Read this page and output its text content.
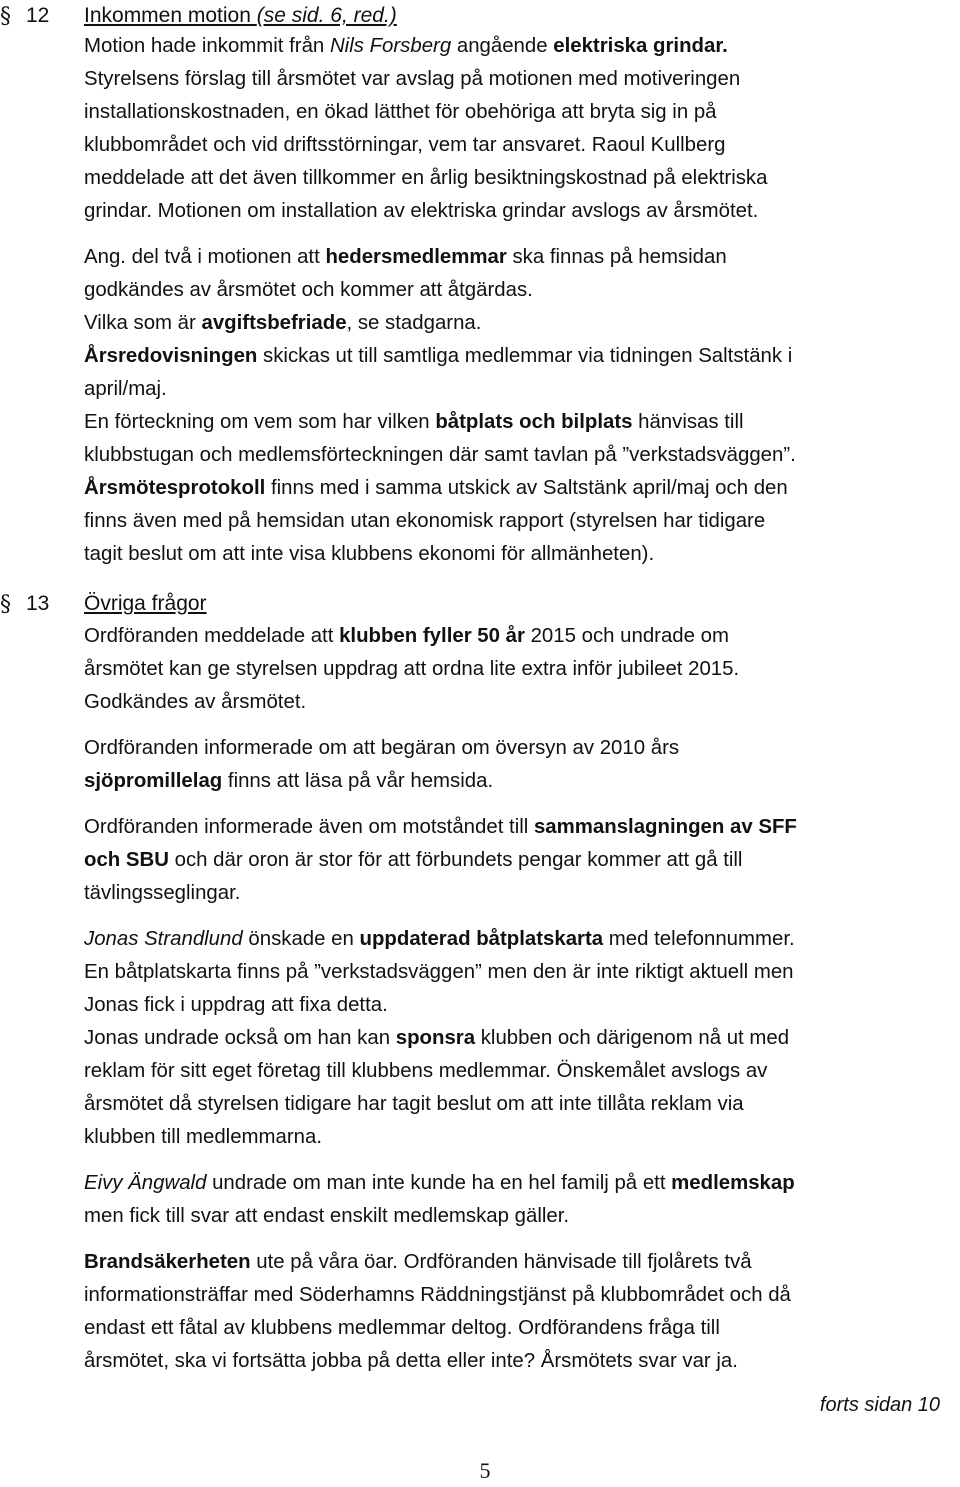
§ 12	Inkommen motion (se sid. 6, red.)
Motion hade inkommit från Nils Forsberg angående elektriska grindar.
Styrelsens förslag till årsmötet var avslag på motionen med motiveringen
installationskostnaden, en ökad lätthet för obehöriga att bryta sig in på
klubbområdet och vid driftsstörningar, vem tar ansvaret. Raoul Kullberg
meddelade att det även tillkommer en årlig besiktningskostnad på elektriska
grindar. Motionen om installation av elektriska grindar avslogs av årsmötet.
Ang. del två i motionen att hedersmedlemmar ska finnas på hemsidan
godkändes av årsmötet och kommer att åtgärdas.
Vilka som är avgiftsbefriade, se stadgarna.
Årsredovisningen skickas ut till samtliga medlemmar via tidningen Saltstänk i
april/maj.
En förteckning om vem som har vilken båtplats och bilplats hänvisas till
klubbstugan och medlemsförteckningen där samt tavlan på ”verkstadsväggen”.
Årsmötesprotokoll finns med i samma utskick av Saltstänk april/maj och den
finns även med på hemsidan utan ekonomisk rapport (styrelsen har tidigare
tagit beslut om att inte visa klubbens ekonomi för allmänheten).
§ 13	Övriga frågor
Ordföranden meddelade att klubben fyller 50 år 2015 och undrade om
årsmötet kan ge styrelsen uppdrag att ordna lite extra inför jubileet 2015.
Godkändes av årsmötet.
Ordföranden informerade om att begäran om översyn av 2010 års
sjöpromillelag finns att läsa på vår hemsida.
Ordföranden informerade även om motståndet till sammanslagningen av SFF
och SBU och där oron är stor för att förbundets pengar kommer att gå till
tävlingsseglingar.
Jonas Strandlund önskade en uppdaterad båtplatskarta med telefonnummer.
En båtplatskarta finns på ”verkstadsväggen” men den är inte riktigt aktuell men
Jonas fick i uppdrag att fixa detta.
Jonas undrade också om han kan sponsra klubben och därigenom nå ut med
reklam för sitt eget företag till klubbens medlemmar. Önskemålet avslogs av
årsmötet då styrelsen tidigare har tagit beslut om att inte tillåta reklam via
klubben till medlemmarna.
Eivy Ängwald undrade om man inte kunde ha en hel familj på ett medlemskap
men fick till svar att endast enskilt medlemskap gäller.
Brandsäkerheten ute på våra öar. Ordföranden hänvisade till fjolårets två
informationsträffar med Söderhamns Räddningstjänst på klubbområdet och då
endast ett fåtal av klubbens medlemmar deltog. Ordförandens fråga till
årsmötet, ska vi fortsätta jobba på detta eller inte? Årsmötets svar var ja.
forts sidan 10
5
